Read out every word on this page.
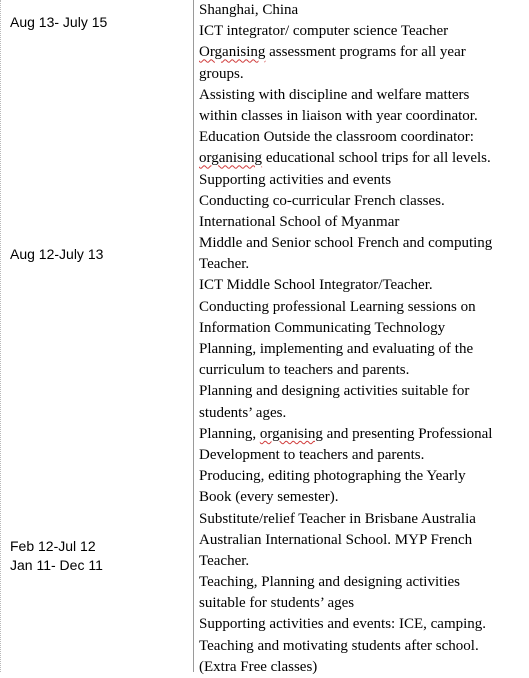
Aug 13- July 15
Aug 12-July 13
Feb 12-Jul 12
Jan 11- Dec 11
Shanghai, China
ICT integrator/ computer science Teacher
Organising assessment programs for all year
groups.
Assisting with discipline and welfare matters
within classes in liaison with year coordinator.
Education Outside the classroom coordinator:
organising educational school trips for all levels.
Supporting activities and events
Conducting co-curricular French classes.
International School of Myanmar
Middle and Senior school French and computing
Teacher.
ICT Middle School Integrator/Teacher.
Conducting professional Learning sessions on
Information Communicating Technology
Planning, implementing and evaluating of the
curriculum to teachers and parents.
Planning and designing activities suitable for
students’ ages.
Planning, organising and presenting Professional
Development to teachers and parents.
Producing, editing photographing the Yearly
Book (every semester).
Substitute/relief Teacher in Brisbane Australia
Australian International School. MYP French
Teacher.
Teaching, Planning and designing activities
suitable for students’ ages
Supporting activities and events: ICE, camping.
Teaching and motivating students after school.
(Extra Free classes)
